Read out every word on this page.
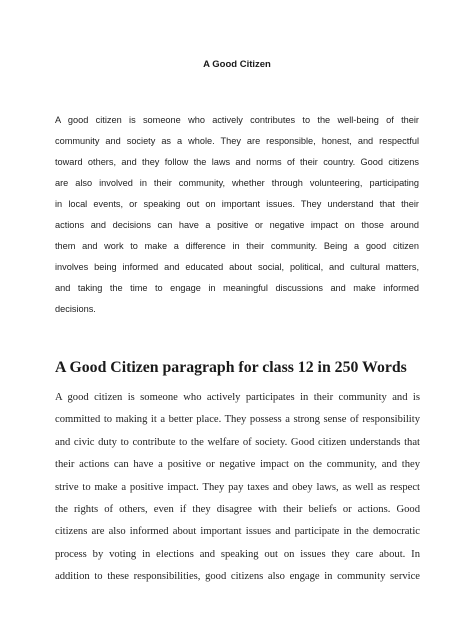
A Good Citizen
A good citizen is someone who actively contributes to the well-being of their
community and society as a whole. They are responsible, honest, and respectful
toward others, and they follow the laws and norms of their country. Good citizens
are also involved in their community, whether through volunteering, participating
in local events, or speaking out on important issues. They understand that their
actions and decisions can have a positive or negative impact on those around
them and work to make a difference in their community. Being a good citizen
involves being informed and educated about social, political, and cultural matters,
and taking the time to engage in meaningful discussions and make informed
decisions.
A Good Citizen paragraph for class 12 in 250 Words
A good citizen is someone who actively participates in their community and is
committed to making it a better place. They possess a strong sense of responsibility
and civic duty to contribute to the welfare of society. Good citizen understands that
their actions can have a positive or negative impact on the community, and they
strive to make a positive impact. They pay taxes and obey laws, as well as respect
the rights of others, even if they disagree with their beliefs or actions. Good
citizens are also informed about important issues and participate in the democratic
process by voting in elections and speaking out on issues they care about. In
addition to these responsibilities, good citizens also engage in community service
